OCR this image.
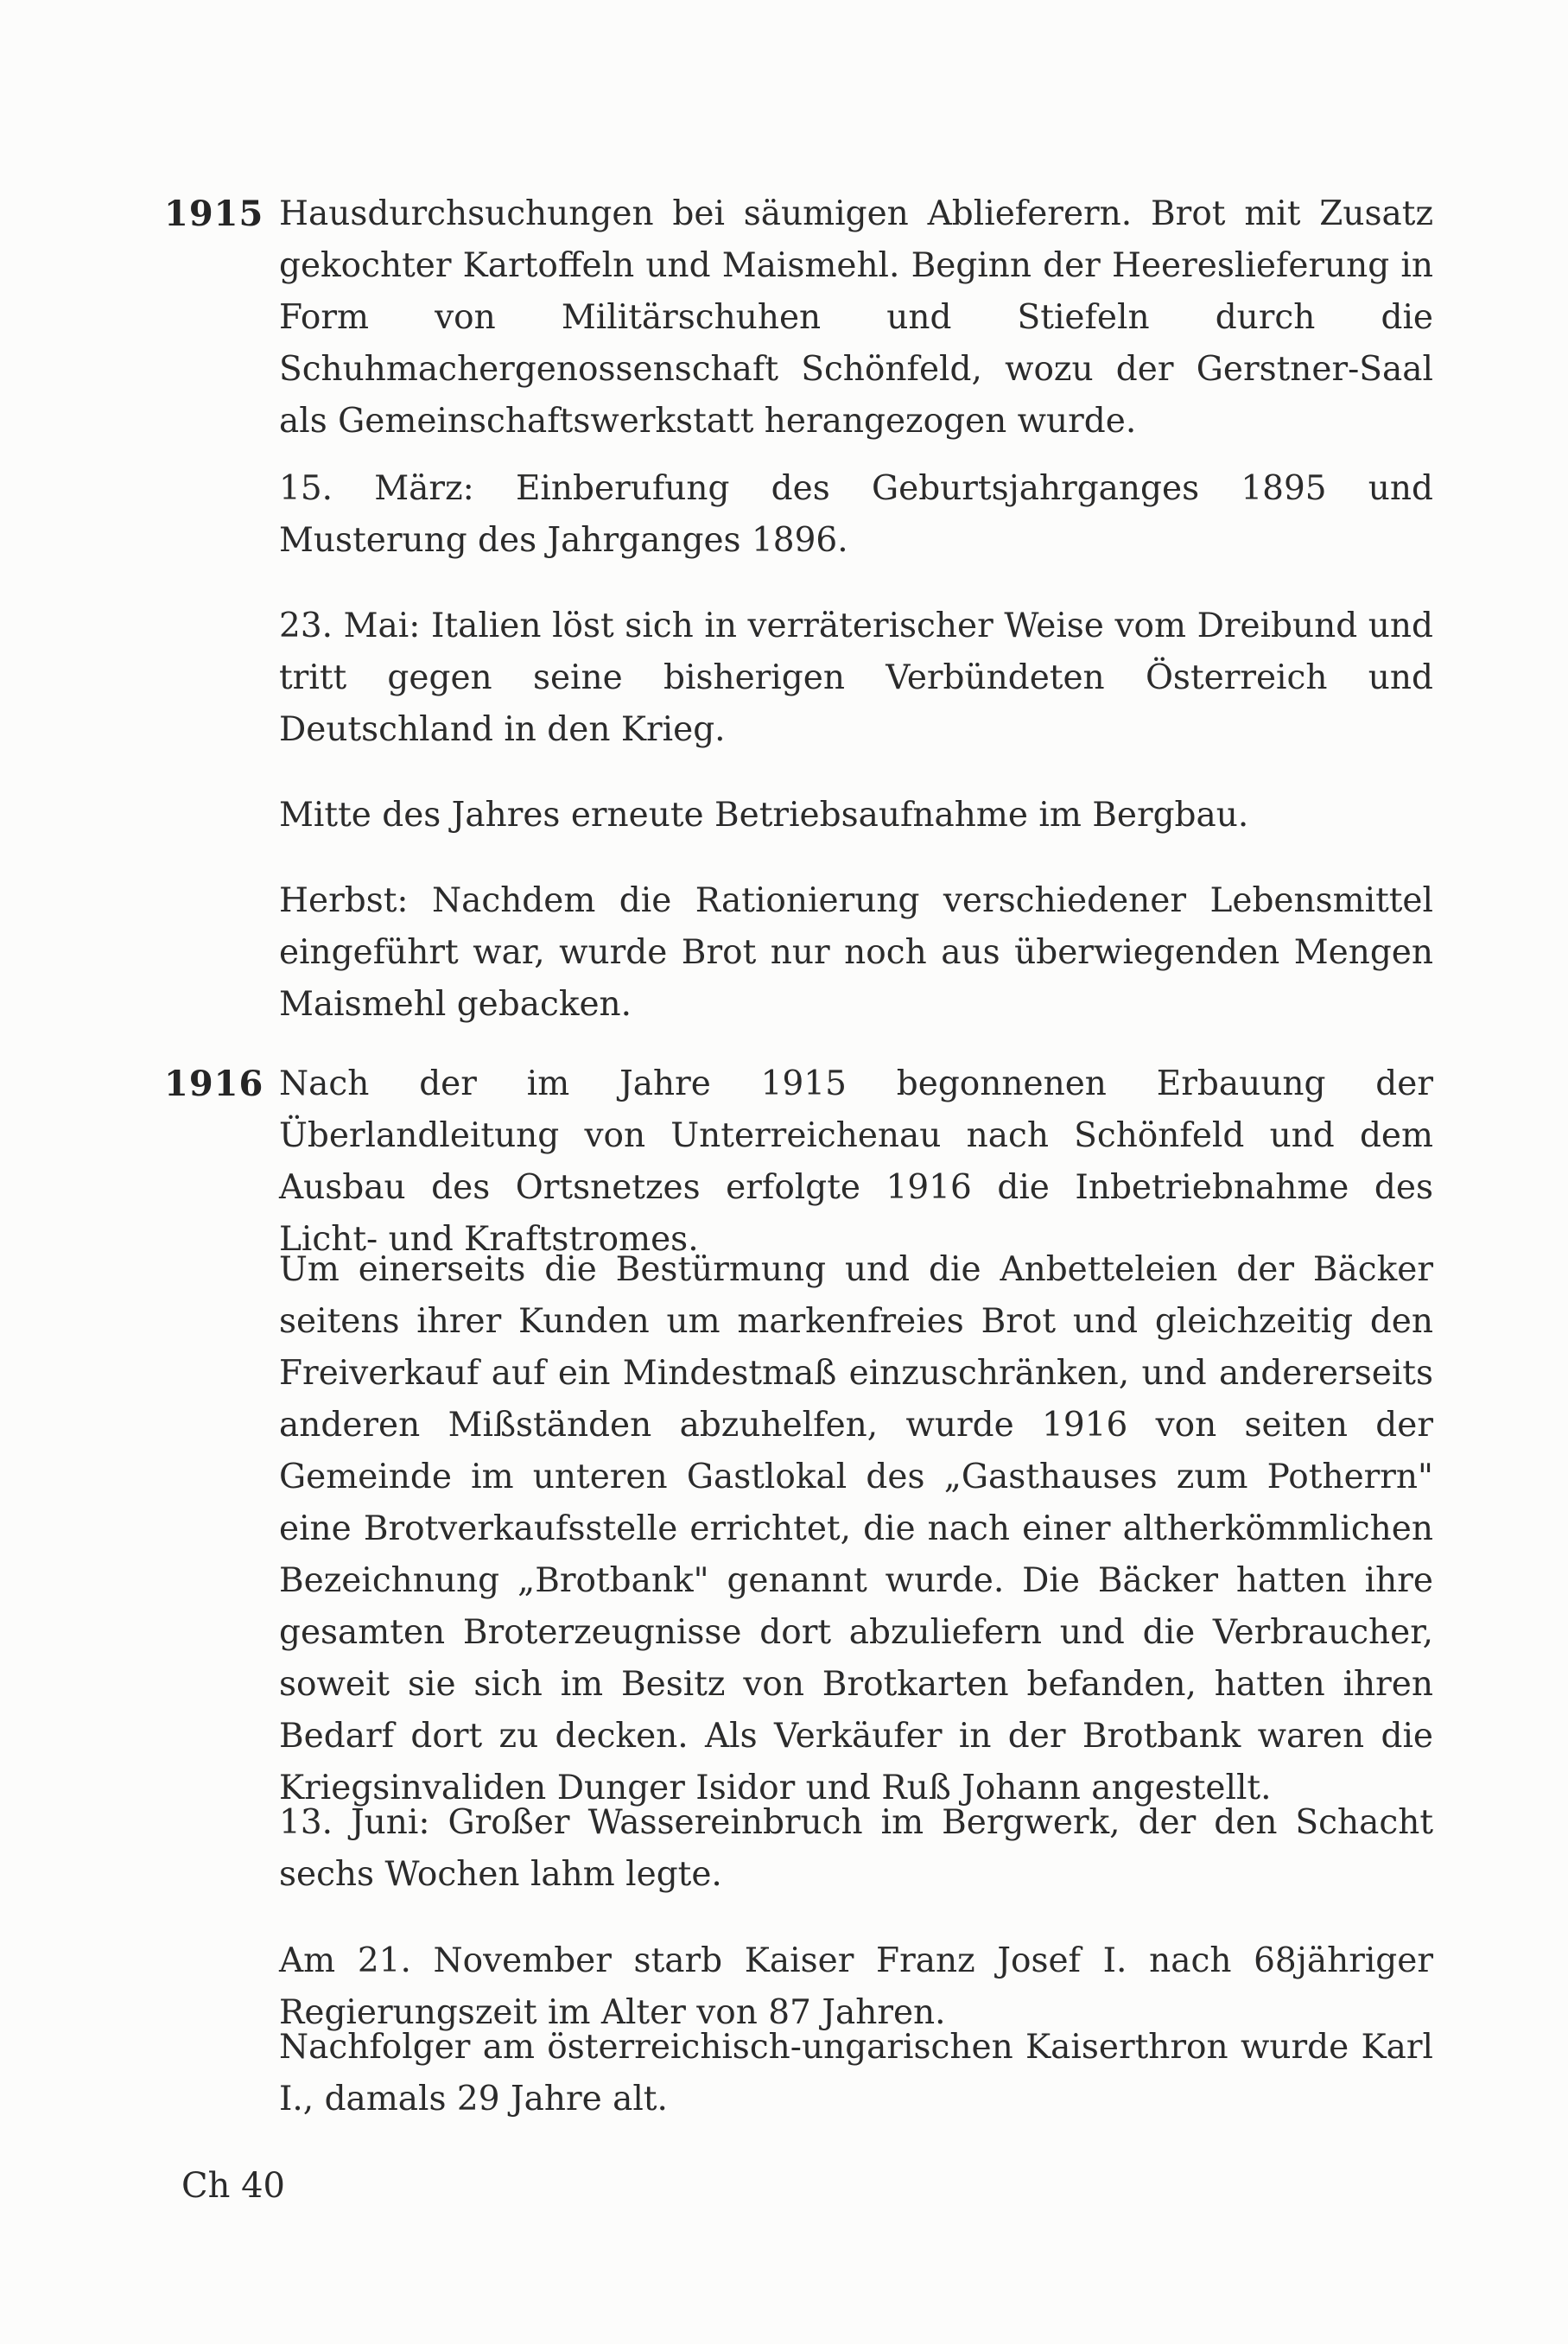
1915 Hausdurchsuchungen bei säumigen Ablieferern. Brot mit Zusatz gekochter Kartoffeln und Maismehl. Beginn der Heereslieferung in Form von Militärschuhen und Stiefeln durch die Schuhmachergenossenschaft Schönfeld, wozu der Gerstner-Saal als Gemeinschaftswerkstatt herangezogen wurde.

15. März: Einberufung des Geburtsjahrganges 1895 und Musterung des Jahrganges 1896.

23. Mai: Italien löst sich in verräterischer Weise vom Dreibund und tritt gegen seine bisherigen Verbündeten Österreich und Deutschland in den Krieg.

Mitte des Jahres erneute Betriebsaufnahme im Bergbau.

Herbst: Nachdem die Rationierung verschiedener Lebensmittel eingeführt war, wurde Brot nur noch aus überwiegenden Mengen Maismehl gebacken.

1916 Nach der im Jahre 1915 begonnenen Erbauung der Überlandleitung von Unterreichenau nach Schönfeld und dem Ausbau des Ortsnetzes erfolgte 1916 die Inbetriebnahme des Licht- und Kraftstromes.

Um einerseits die Bestürmung und die Anbetteleien der Bäcker seitens ihrer Kunden um markenfreies Brot und gleichzeitig den Freiverkauf auf ein Mindestmaß einzuschränken, und andererseits anderen Mißständen abzuhelfen, wurde 1916 von seiten der Gemeinde im unteren Gastlokal des „Gasthauses zum Potherrn" eine Brotverkaufsstelle errichtet, die nach einer altherkömmlichen Bezeichnung „Brotbank" genannt wurde. Die Bäcker hatten ihre gesamten Broterzeugnisse dort abzuliefern und die Verbraucher, soweit sie sich im Besitz von Brotkarten befanden, hatten ihren Bedarf dort zu decken. Als Verkäufer in der Brotbank waren die Kriegsinvaliden Dunger Isidor und Ruß Johann angestellt.

13. Juni: Großer Wassereinbruch im Bergwerk, der den Schacht sechs Wochen lahm legte.

Am 21. November starb Kaiser Franz Josef I. nach 68jähriger Regierungszeit im Alter von 87 Jahren.

Nachfolger am österreichisch-ungarischen Kaiserthron wurde Karl I., damals 29 Jahre alt.

Ch 40
